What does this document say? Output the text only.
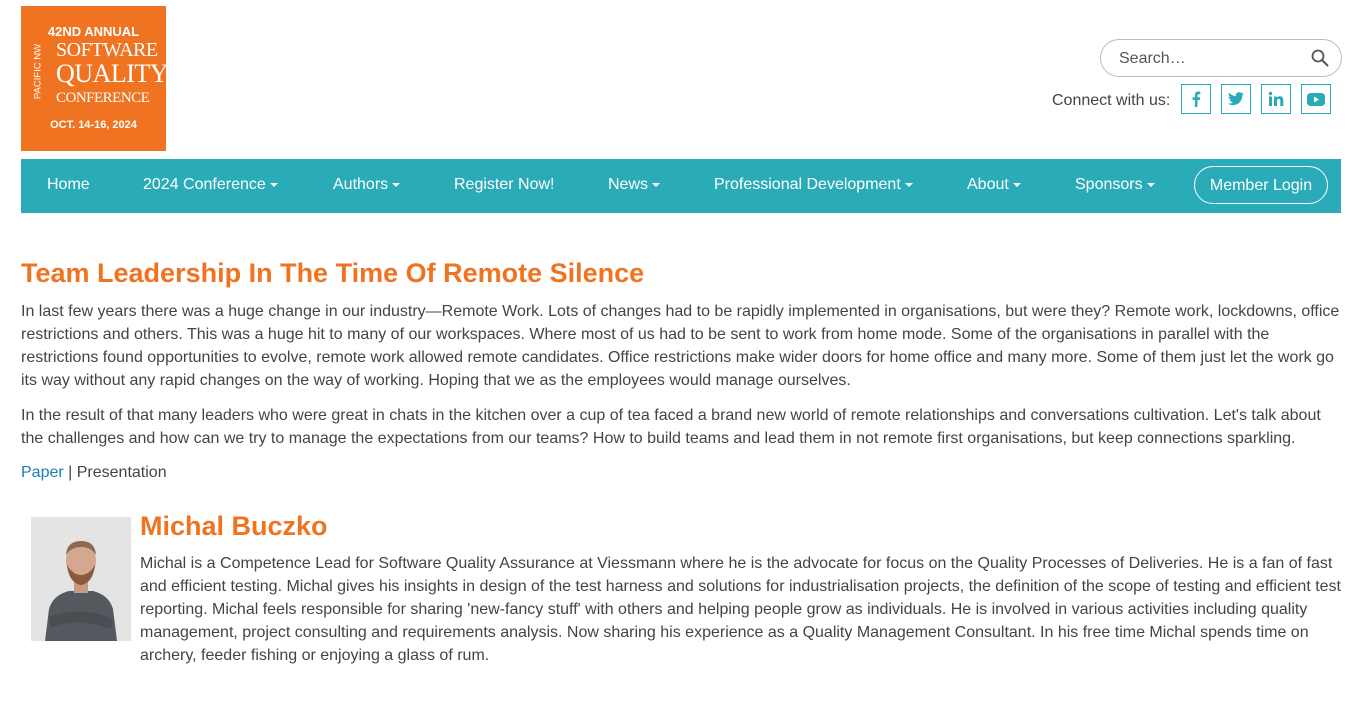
42ND ANNUAL
PACIFIC NW SOFTWARE
QUALITY
CONFERENCE
OCT. 14-16, 2024
Search…
Connect with us:
Home	2024 Conference	Authors	Register Now!	News	Professional Development	About	Sponsors	Member Login
Team Leadership In The Time Of Remote Silence

In last few years there was a huge change in our industry—Remote Work. Lots of changes had to be rapidly implemented in organisations, but were they? Remote work, lockdowns, office restrictions and others. This was a huge hit to many of our workspaces. Where most of us had to be sent to work from home mode. Some of the organisations in parallel with the restrictions found opportunities to evolve, remote work allowed remote candidates. Office restrictions make wider doors for home office and many more. Some of them just let the work go its way without any rapid changes on the way of working. Hoping that we as the employees would manage ourselves.

In the result of that many leaders who were great in chats in the kitchen over a cup of tea faced a brand new world of remote relationships and conversations cultivation. Let's talk about the challenges and how can we try to manage the expectations from our teams? How to build teams and lead them in not remote first organisations, but keep connections sparkling.

Paper | Presentation
Michal Buczko

Michal is a Competence Lead for Software Quality Assurance at Viessmann where he is the advocate for focus on the Quality Processes of Deliveries. He is a fan of fast and efficient testing. Michal gives his insights in design of the test harness and solutions for industrialisation projects, the definition of the scope of testing and efficient test reporting. Michal feels responsible for sharing 'new-fancy stuff' with others and helping people grow as individuals. He is involved in various activities including quality management, project consulting and requirements analysis. Now sharing his experience as a Quality Management Consultant. In his free time Michal spends time on archery, feeder fishing or enjoying a glass of rum.
